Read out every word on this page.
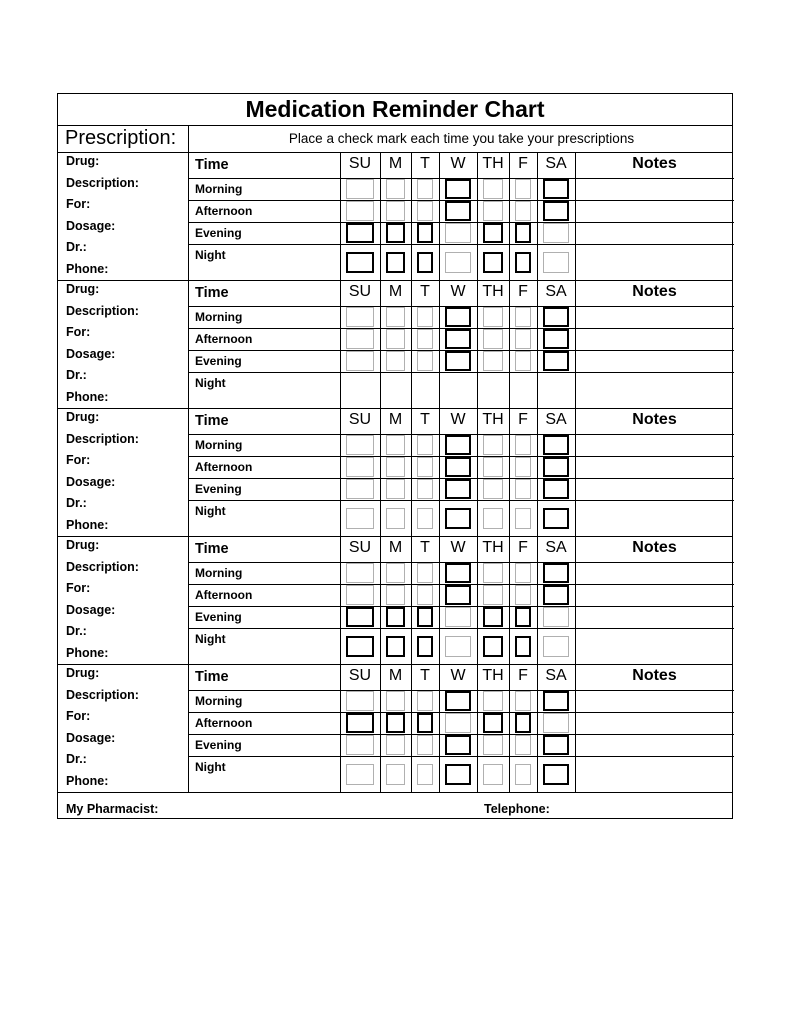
Medication Reminder Chart
Prescription:	Place a check mark each time you take your prescriptions
My Pharmacist:	Telephone:
Drug:
Description:
For:
Dosage:
Dr.:
Phone:
Time	SU	M	T	W	TH F	SA	Notes
Morning
Afternoon
Evening
Night
Drug:
Description:
For:
Dosage:
Dr.:
Phone:
Time	SU	M	T	W	TH F	SA	Notes
Morning
Afternoon
Evening
Night
Drug:
Description:
For:
Dosage:
Dr.:
Phone:
Time	SU	M	T	W	TH F	SA	Notes
Morning
Afternoon
Evening
Night
Drug:
Description:
For:
Dosage:
Dr.:
Phone:
Time	SU	M	T	W	TH F	SA	Notes
Morning
Afternoon
Evening
Night
Drug:
Description:
For:
Dosage:
Dr.:
Phone:
Time	SU	M	T	W	TH F	SA	Notes
Morning
Afternoon
Evening
Night
